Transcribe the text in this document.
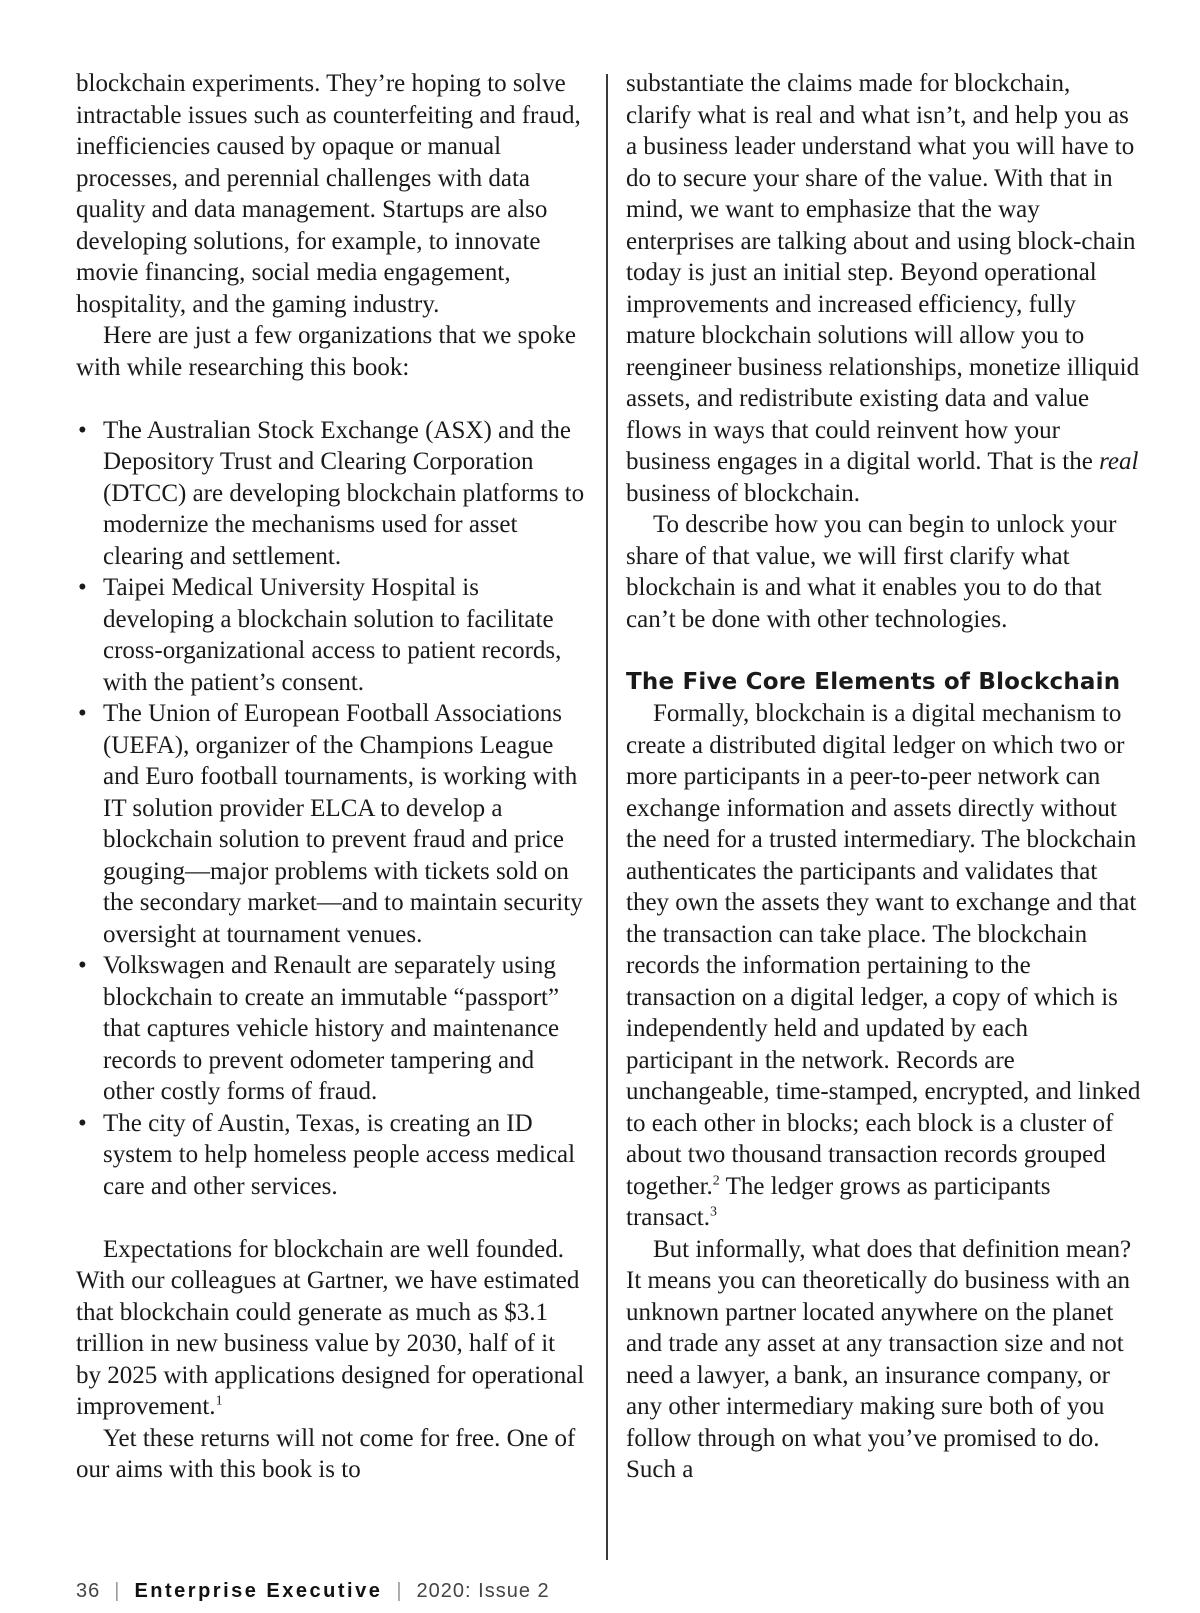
blockchain experiments. They’re hoping to solve intractable issues such as counterfeiting and fraud, inefficiencies caused by opaque or manual processes, and perennial challenges with data quality and data management. Startups are also developing solutions, for example, to innovate movie financing, social media engagement, hospitality, and the gaming industry.

Here are just a few organizations that we spoke with while researching this book:

• The Australian Stock Exchange (ASX) and the Depository Trust and Clearing Corporation (DTCC) are developing blockchain platforms to modernize the mechanisms used for asset clearing and settlement.
• Taipei Medical University Hospital is developing a blockchain solution to facilitate cross-organizational access to patient records, with the patient’s consent.
• The Union of European Football Associations (UEFA), organizer of the Champions League and Euro football tournaments, is working with IT solution provider ELCA to develop a blockchain solution to prevent fraud and price gouging—major problems with tickets sold on the secondary market—and to maintain security oversight at tournament venues.
• Volkswagen and Renault are separately using blockchain to create an immutable “passport” that captures vehicle history and maintenance records to prevent odometer tampering and other costly forms of fraud.
• The city of Austin, Texas, is creating an ID system to help homeless people access medical care and other services.

Expectations for blockchain are well founded. With our colleagues at Gartner, we have estimated that blockchain could generate as much as $3.1 trillion in new business value by 2030, half of it by 2025 with applications designed for operational improvement.$^1$

Yet these returns will not come for free. One of our aims with this book is to

substantiate the claims made for blockchain, clarify what is real and what isn’t, and help you as a business leader understand what you will have to do to secure your share of the value. With that in mind, we want to emphasize that the way enterprises are talking about and using block-chain today is just an initial step. Beyond operational improvements and increased efficiency, fully mature blockchain solutions will allow you to reengineer business relationships, monetize illiquid assets, and redistribute existing data and value flows in ways that could reinvent how your business engages in a digital world. That is the real business of blockchain.

To describe how you can begin to unlock your share of that value, we will first clarify what blockchain is and what it enables you to do that can’t be done with other technologies.

The Five Core Elements of Blockchain

Formally, blockchain is a digital mechanism to create a distributed digital ledger on which two or more participants in a peer-to-peer network can exchange information and assets directly without the need for a trusted intermediary. The blockchain authenticates the participants and validates that they own the assets they want to exchange and that the transaction can take place. The blockchain records the information pertaining to the transaction on a digital ledger, a copy of which is independently held and updated by each participant in the network. Records are unchangeable, time-stamped, encrypted, and linked to each other in blocks; each block is a cluster of about two thousand transaction records grouped together.$^2$ The ledger grows as participants transact.$^3$

But informally, what does that definition mean? It means you can theoretically do business with an unknown partner located anywhere on the planet and trade any asset at any transaction size and not need a lawyer, a bank, an insurance company, or any other intermediary making sure both of you follow through on what you’ve promised to do. Such a

36 | Enterprise Executive | 2020: Issue 2
